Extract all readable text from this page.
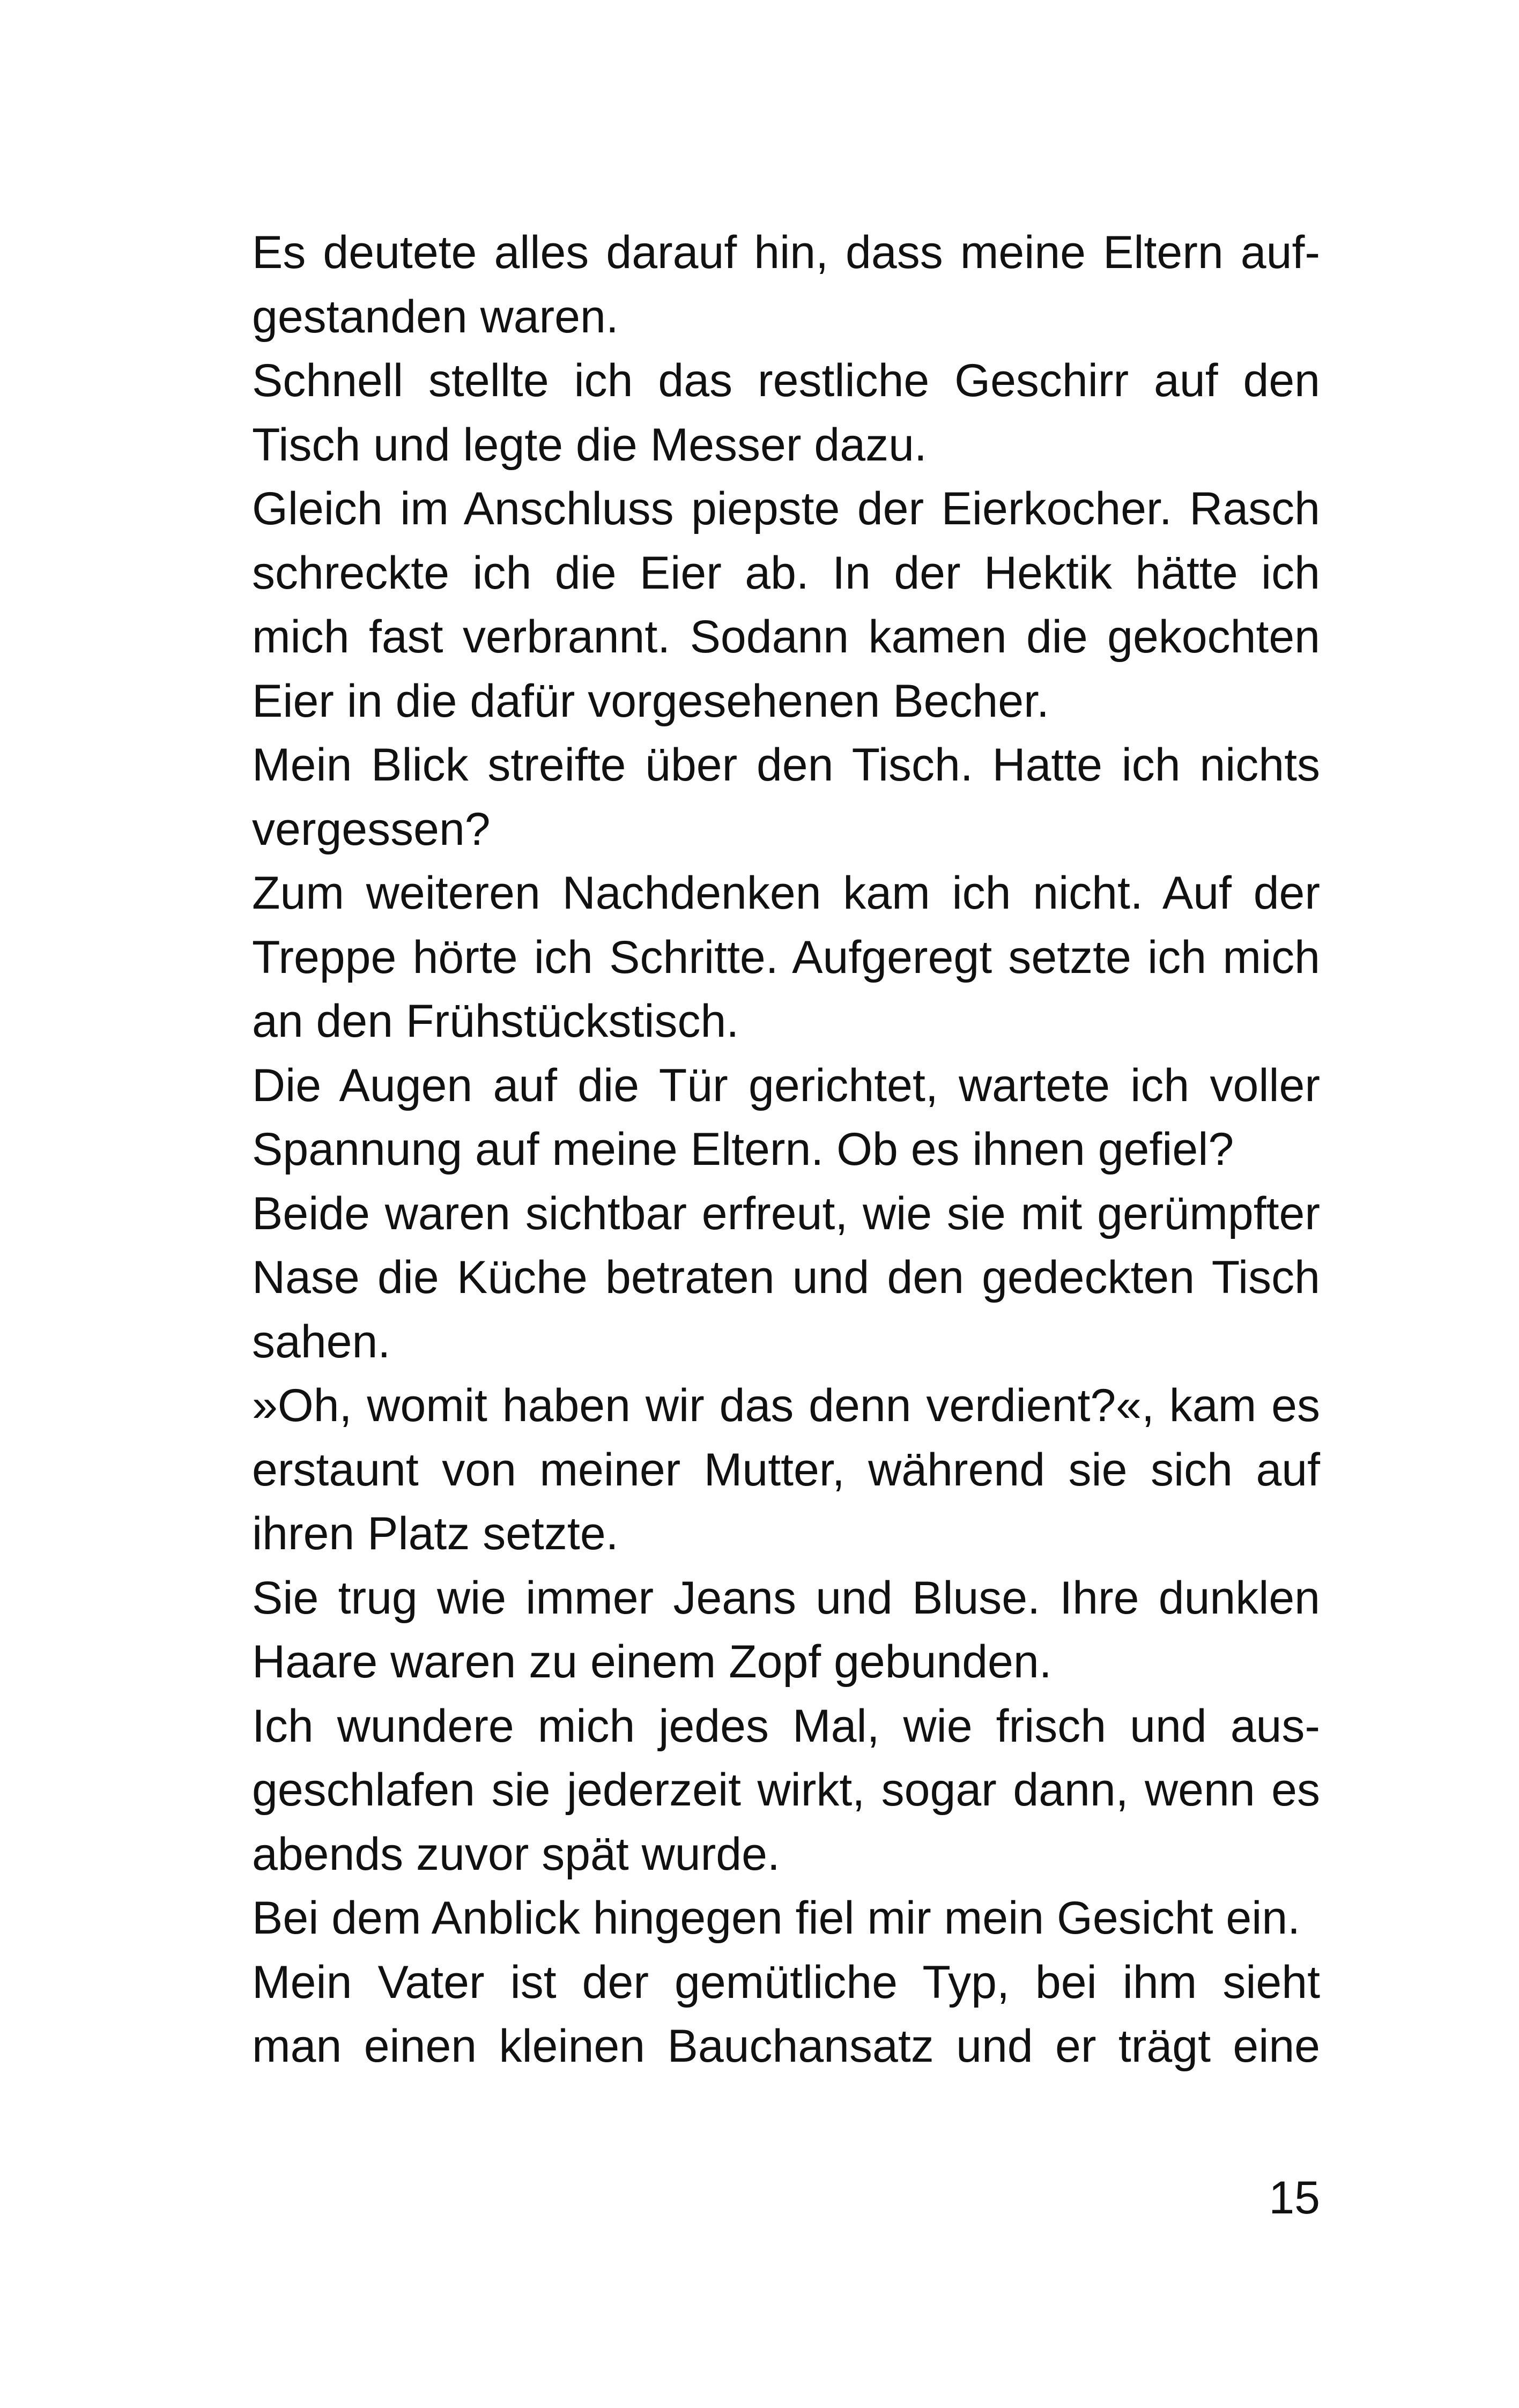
Es deutete alles darauf hin, dass meine Eltern auf-
gestanden waren.
Schnell stellte ich das restliche Geschirr auf den
Tisch und legte die Messer dazu.
Gleich im Anschluss piepste der Eierkocher. Rasch
schreckte ich die Eier ab. In der Hektik hätte ich
mich fast verbrannt. Sodann kamen die gekochten
Eier in die dafür vorgesehenen Becher.
Mein Blick streifte über den Tisch. Hatte ich nichts
vergessen?
Zum weiteren Nachdenken kam ich nicht. Auf der
Treppe hörte ich Schritte. Aufgeregt setzte ich mich
an den Frühstückstisch.
Die Augen auf die Tür gerichtet, wartete ich voller
Spannung auf meine Eltern. Ob es ihnen gefiel?
Beide waren sichtbar erfreut, wie sie mit gerümpfter
Nase die Küche betraten und den gedeckten Tisch
sahen.
»Oh, womit haben wir das denn verdient?«, kam es
erstaunt von meiner Mutter, während sie sich auf
ihren Platz setzte.
Sie trug wie immer Jeans und Bluse. Ihre dunklen
Haare waren zu einem Zopf gebunden.
Ich wundere mich jedes Mal, wie frisch und aus-
geschlafen sie jederzeit wirkt, sogar dann, wenn es
abends zuvor spät wurde.
Bei dem Anblick hingegen fiel mir mein Gesicht ein.
Mein Vater ist der gemütliche Typ, bei ihm sieht
man einen kleinen Bauchansatz und er trägt eine
15
